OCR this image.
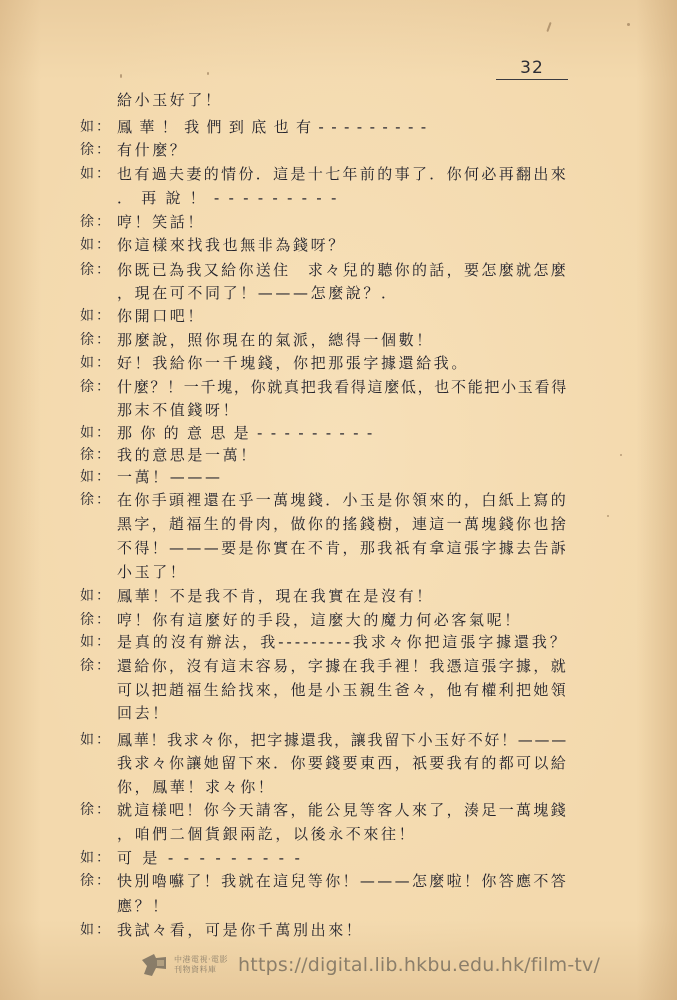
32
給小玉好了！
如： 鳳華！我們到底也有---------
徐： 有什麼？
如： 也有過夫妻的情份．這是十七年前的事了．你何必再翻出來
．再說！---------
徐： 哼！笑話！
如： 你這樣來找我也無非為錢呀？
徐： 你既已為我又給你送住　求々兒的聽你的話，要怎麼就怎麼
，現在可不同了！———怎麼說？．
如： 你開口吧！
徐： 那麼說，照你現在的氣派，總得一個數！
如： 好！我給你一千塊錢，你把那張字據還給我。
徐： 什麼？！一千塊，你就真把我看得這麼低，也不能把小玉看得
那末不值錢呀！
如： 那你的意思是---------
徐： 我的意思是一萬！
如： 一萬！———
徐： 在你手頭裡還在乎一萬塊錢．小玉是你領來的，白紙上寫的
黑字，趙福生的骨肉，做你的搖錢樹，連這一萬塊錢你也捨
不得！———要是你實在不肯，那我祇有拿這張字據去告訴
小玉了！
如： 鳳華！不是我不肯，現在我實在是沒有！
徐： 哼！你有這麼好的手段，這麼大的魔力何必客氣呢！
如： 是真的沒有辦法，我---------我求々你把這張字據還我？
徐： 還給你，沒有這末容易，字據在我手裡！我憑這張字據，就
可以把趙福生給找來，他是小玉親生爸々，他有權利把她領
回去！
如： 鳳華！我求々你，把字據還我，讓我留下小玉好不好！———
我求々你讓她留下來．你要錢要東西，祇要我有的都可以給
你，鳳華！求々你！
徐： 就這樣吧！你今天請客，能公見等客人來了，湊足一萬塊錢
，咱們二個貨銀兩訖，以後永不來往！
如： 可是---------
徐： 快別嚕囌了！我就在這兒等你！———怎麼啦！你答應不答
應？！
如： 我試々看，可是你千萬別出來！
中港電視‧電影
刊物資料庫	https://digital.lib.hkbu.edu.hk/film-tv/
